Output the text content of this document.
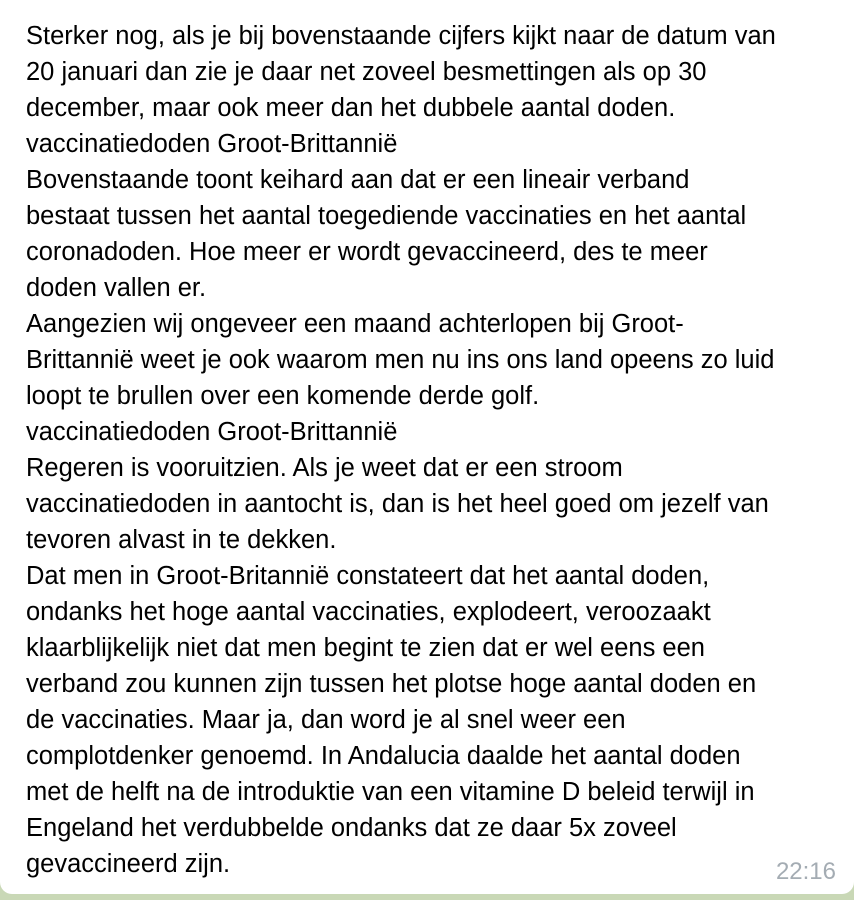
Sterker nog, als je bij bovenstaande cijfers kijkt naar de datum van
20 januari dan zie je daar net zoveel besmettingen als op 30
december, maar ook meer dan het dubbele aantal doden.
vaccinatiedoden Groot-Brittannië
Bovenstaande toont keihard aan dat er een lineair verband
bestaat tussen het aantal toegediende vaccinaties en het aantal
coronadoden. Hoe meer er wordt gevaccineerd, des te meer
doden vallen er.
Aangezien wij ongeveer een maand achterlopen bij Groot-
Brittannië weet je ook waarom men nu ins ons land opeens zo luid
loopt te brullen over een komende derde golf.
vaccinatiedoden Groot-Brittannië
Regeren is vooruitzien. Als je weet dat er een stroom
vaccinatiedoden in aantocht is, dan is het heel goed om jezelf van
tevoren alvast in te dekken.
Dat men in Groot-Britannië constateert dat het aantal doden,
ondanks het hoge aantal vaccinaties, explodeert, veroozaakt
klaarblijkelijk niet dat men begint te zien dat er wel eens een
verband zou kunnen zijn tussen het plotse hoge aantal doden en
de vaccinaties. Maar ja, dan word je al snel weer een
complotdenker genoemd. In Andalucia daalde het aantal doden
met de helft na de introduktie van een vitamine D beleid terwijl in
Engeland het verdubbelde ondanks dat ze daar 5x zoveel
gevaccineerd zijn.	22:16
